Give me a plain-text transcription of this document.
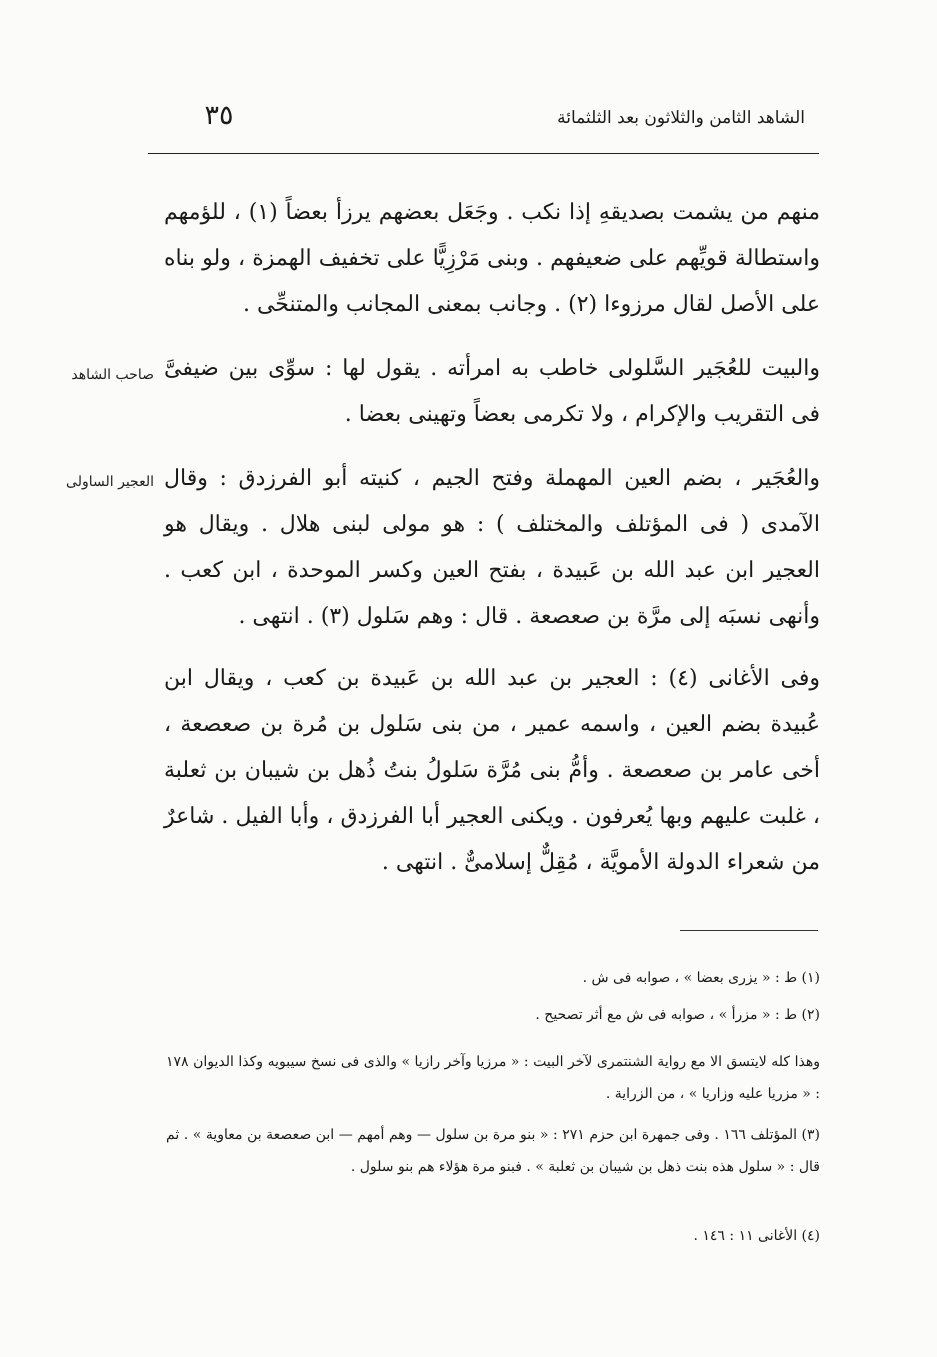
الشاهد الثامن والثلاثون بعد الثلثمائة
٣٥
منهم من يشمت بصديقهِ إذا نكب . وجَعَل بعضهم يرزأ بعضاً (١) ، للؤمهم واستطالة قويِّهم على ضعيفهم . وبنى مَرْزِيًّا على تخفيف الهمزة ، ولو بناه على الأصل لقال مرزوءا (٢) . وجانب بمعنى المجانب والمتنحِّى .
والبيت للعُجَير السَّلولى خاطب به امرأته . يقول لها : سوِّى بين ضيفىَّ فى التقريب والإكرام ، ولا تكرمى بعضاً وتهينى بعضا .
صاحب الشاهد
والعُجَير ، بضم العين المهملة وفتح الجيم ، كنيته أبو الفرزدق : وقال الآمدى ( فى المؤتلف والمختلف ) : هو مولى لبنى هلال . ويقال هو العجير ابن عبد الله بن عَبيدة ، بفتح العين وكسر الموحدة ، ابن كعب . وأنهى نسبَه إلى مرَّة بن صعصعة . قال : وهم سَلول (٣) . انتهى .
العجير الساولى
وفى الأغانى (٤) : العجير بن عبد الله بن عَبيدة بن كعب ، ويقال ابن عُبيدة بضم العين ، واسمه عمير ، من بنى سَلول بن مُرة بن صعصعة ، أخى عامر بن صعصعة . وأمُّ بنى مُرَّة سَلولُ بنتُ ذُهل بن شيبان بن ثعلبة ، غلبت عليهم وبها يُعرفون . ويكنى العجير أبا الفرزدق ، وأبا الفيل . شاعرٌ من شعراء الدولة الأمويَّة ، مُقِلٌّ إسلامىٌّ . انتهى .
(١) ط : « يزرى بعضا » ، صوابه فى ش .
(٢) ط : « مزرأ » ، صوابه فى ش مع أثر تصحيح .
وهذا كله لايتسق الا مع رواية الشنتمرى لآخر البيت : « مرزيا وآخر رازيا » والذى فى نسخ سيبويه وكذا الديوان ١٧٨ : « مزريا عليه وزاريا » ، من الزراية .
(٣) المؤتلف ١٦٦ . وفى جمهرة ابن حزم ٢٧١ : « بنو مرة بن سلول — وهم أمهم — ابن صعصعة بن معاوية » . ثم قال : « سلول هذه بنت ذهل بن شيبان بن ثعلبة » . فبنو مرة هؤلاء هم بنو سلول .
(٤) الأغانى ١١ : ١٤٦ .
